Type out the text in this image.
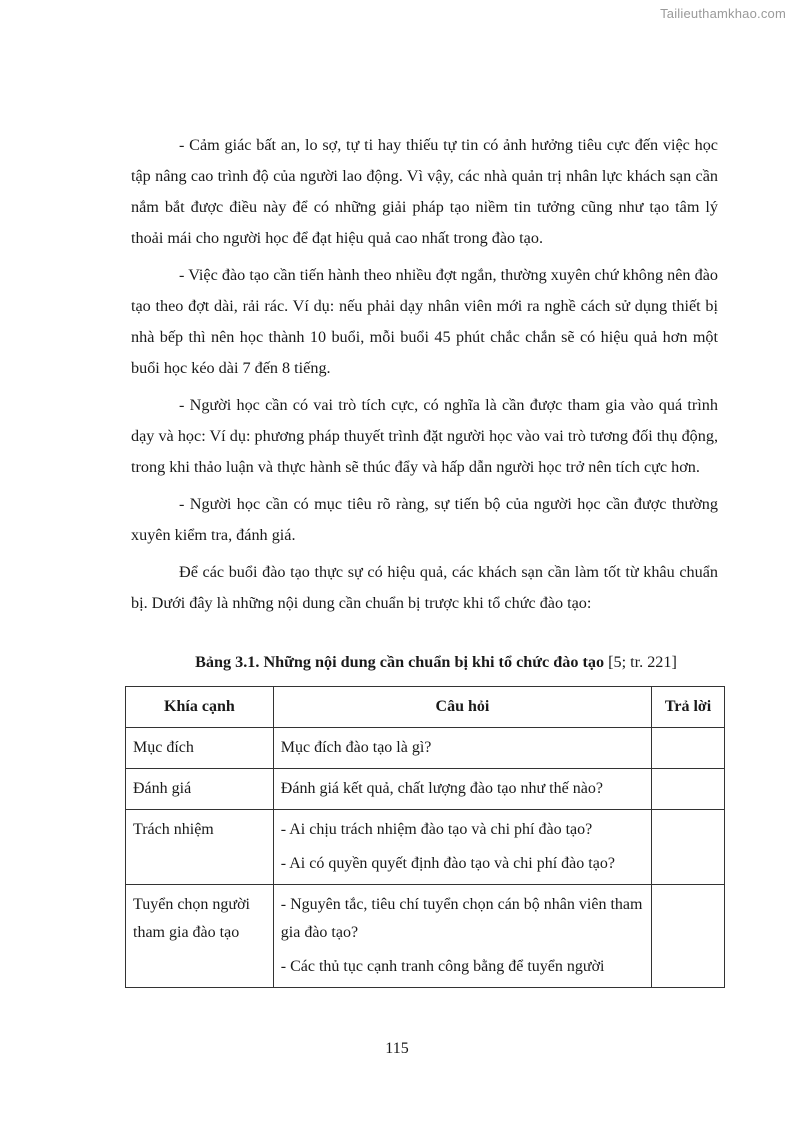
Tailieuthamkhao.com

- Cảm giác bất an, lo sợ, tự ti hay thiếu tự tin có ảnh hưởng tiêu cực đến việc học tập nâng cao trình độ của người lao động. Vì vậy, các nhà quản trị nhân lực khách sạn cần nắm bắt được điều này để có những giải pháp tạo niềm tin tưởng cũng như tạo tâm lý thoải mái cho người học để đạt hiệu quả cao nhất trong đào tạo.

- Việc đào tạo cần tiến hành theo nhiều đợt ngắn, thường xuyên chứ không nên đào tạo theo đợt dài, rải rác. Ví dụ: nếu phải dạy nhân viên mới ra nghề cách sử dụng thiết bị nhà bếp thì nên học thành 10 buổi, mỗi buổi 45 phút chắc chắn sẽ có hiệu quả hơn một buổi học kéo dài 7 đến 8 tiếng.

- Người học cần có vai trò tích cực, có nghĩa là cần được tham gia vào quá trình dạy và học: Ví dụ: phương pháp thuyết trình đặt người học vào vai trò tương đối thụ động, trong khi thảo luận và thực hành sẽ thúc đẩy và hấp dẫn người học trở nên tích cực hơn.

- Người học cần có mục tiêu rõ ràng, sự tiến bộ của người học cần được thường xuyên kiểm tra, đánh giá.

Để các buổi đào tạo thực sự có hiệu quả, các khách sạn cần làm tốt từ khâu chuẩn bị. Dưới đây là những nội dung cần chuẩn bị trược khi tổ chức đào tạo:

Bảng 3.1. Những nội dung cần chuẩn bị khi tổ chức đào tạo [5; tr. 221]
Khía cạnh	Câu hỏi	Trả lời
Mục đích	Mục đích đào tạo là gì?	

Đánh giá	Đánh giá kết quả, chất lượng đào tạo như thế nào?	

Trách nhiệm	- Ai chịu trách nhiệm đào tạo và chi phí đào tạo?
- Ai có quyền quyết định đào tạo và chi phí đào tạo?	

Tuyển chọn người tham gia đào tạo	- Nguyên tắc, tiêu chí tuyển chọn cán bộ nhân viên tham gia đào tạo?
- Các thủ tục cạnh tranh công bằng để tuyển người	

115
